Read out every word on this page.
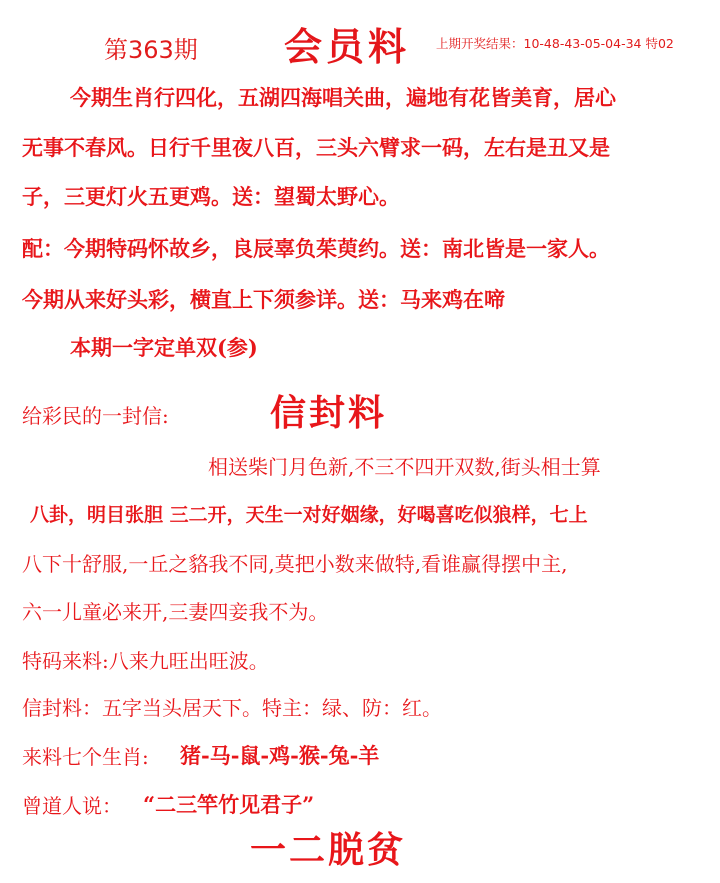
第363期 会员料 上期开奖结果：10-48-43-05-04-34 特02
今期生肖行四化，五湖四海唱关曲，遍地有花皆美育，居心
无事不春风。日行千里夜八百，三头六臂求一码，左右是丑又是
子，三更灯火五更鸡。送：望蜀太野心。
配：今期特码怀故乡，良辰辜负茱萸约。送：南北皆是一家人。
今期从来好头彩，横直上下须参详。送：马来鸡在啼
本期一字定单双(参)
给彩民的一封信:	信封料
相送柴门月色新,不三不四开双数,街头相士算
八卦，明目张胆 三二开，天生一对好姻缘，好喝喜吃似狼样，七上
八下十舒服,一丘之貉我不同,莫把小数来做特,看谁赢得摆中主,
六一儿童必来开,三妻四妾我不为。
特码来料:八来九旺出旺波。
信封料：五字当头居天下。特主：绿、防：红。
来料七个生肖: 猪-马-鼠-鸡-猴-兔-羊
曾道人说： “二三竿竹见君子”
一二脱贫
